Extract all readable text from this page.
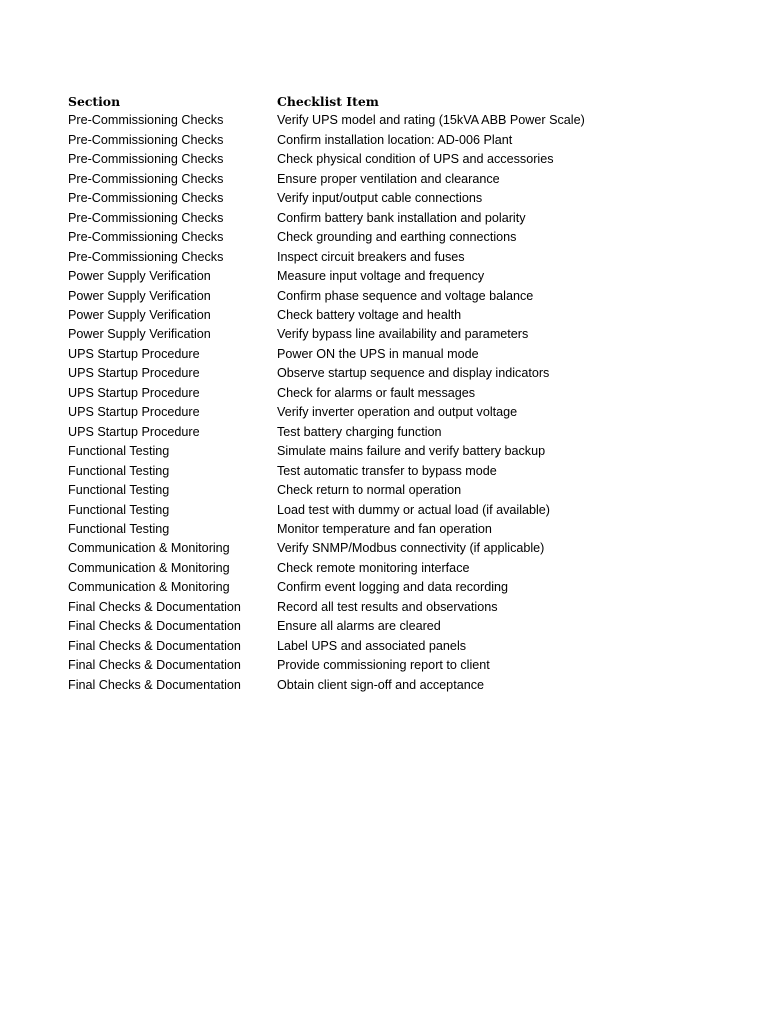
Section	Checklist Item
Pre-Commissioning Checks	Verify UPS model and rating (15kVA ABB Power Scale)
Pre-Commissioning Checks	Confirm installation location: AD-006 Plant
Pre-Commissioning Checks	Check physical condition of UPS and accessories
Pre-Commissioning Checks	Ensure proper ventilation and clearance
Pre-Commissioning Checks	Verify input/output cable connections
Pre-Commissioning Checks	Confirm battery bank installation and polarity
Pre-Commissioning Checks	Check grounding and earthing connections
Pre-Commissioning Checks	Inspect circuit breakers and fuses
Power Supply Verification	Measure input voltage and frequency
Power Supply Verification	Confirm phase sequence and voltage balance
Power Supply Verification	Check battery voltage and health
Power Supply Verification	Verify bypass line availability and parameters
UPS Startup Procedure	Power ON the UPS in manual mode
UPS Startup Procedure	Observe startup sequence and display indicators
UPS Startup Procedure	Check for alarms or fault messages
UPS Startup Procedure	Verify inverter operation and output voltage
UPS Startup Procedure	Test battery charging function
Functional Testing	Simulate mains failure and verify battery backup
Functional Testing	Test automatic transfer to bypass mode
Functional Testing	Check return to normal operation
Functional Testing	Load test with dummy or actual load (if available)
Functional Testing	Monitor temperature and fan operation
Communication & Monitoring	Verify SNMP/Modbus connectivity (if applicable)
Communication & Monitoring	Check remote monitoring interface
Communication & Monitoring	Confirm event logging and data recording
Final Checks & Documentation	Record all test results and observations
Final Checks & Documentation	Ensure all alarms are cleared
Final Checks & Documentation	Label UPS and associated panels
Final Checks & Documentation	Provide commissioning report to client
Final Checks & Documentation	Obtain client sign-off and acceptance
